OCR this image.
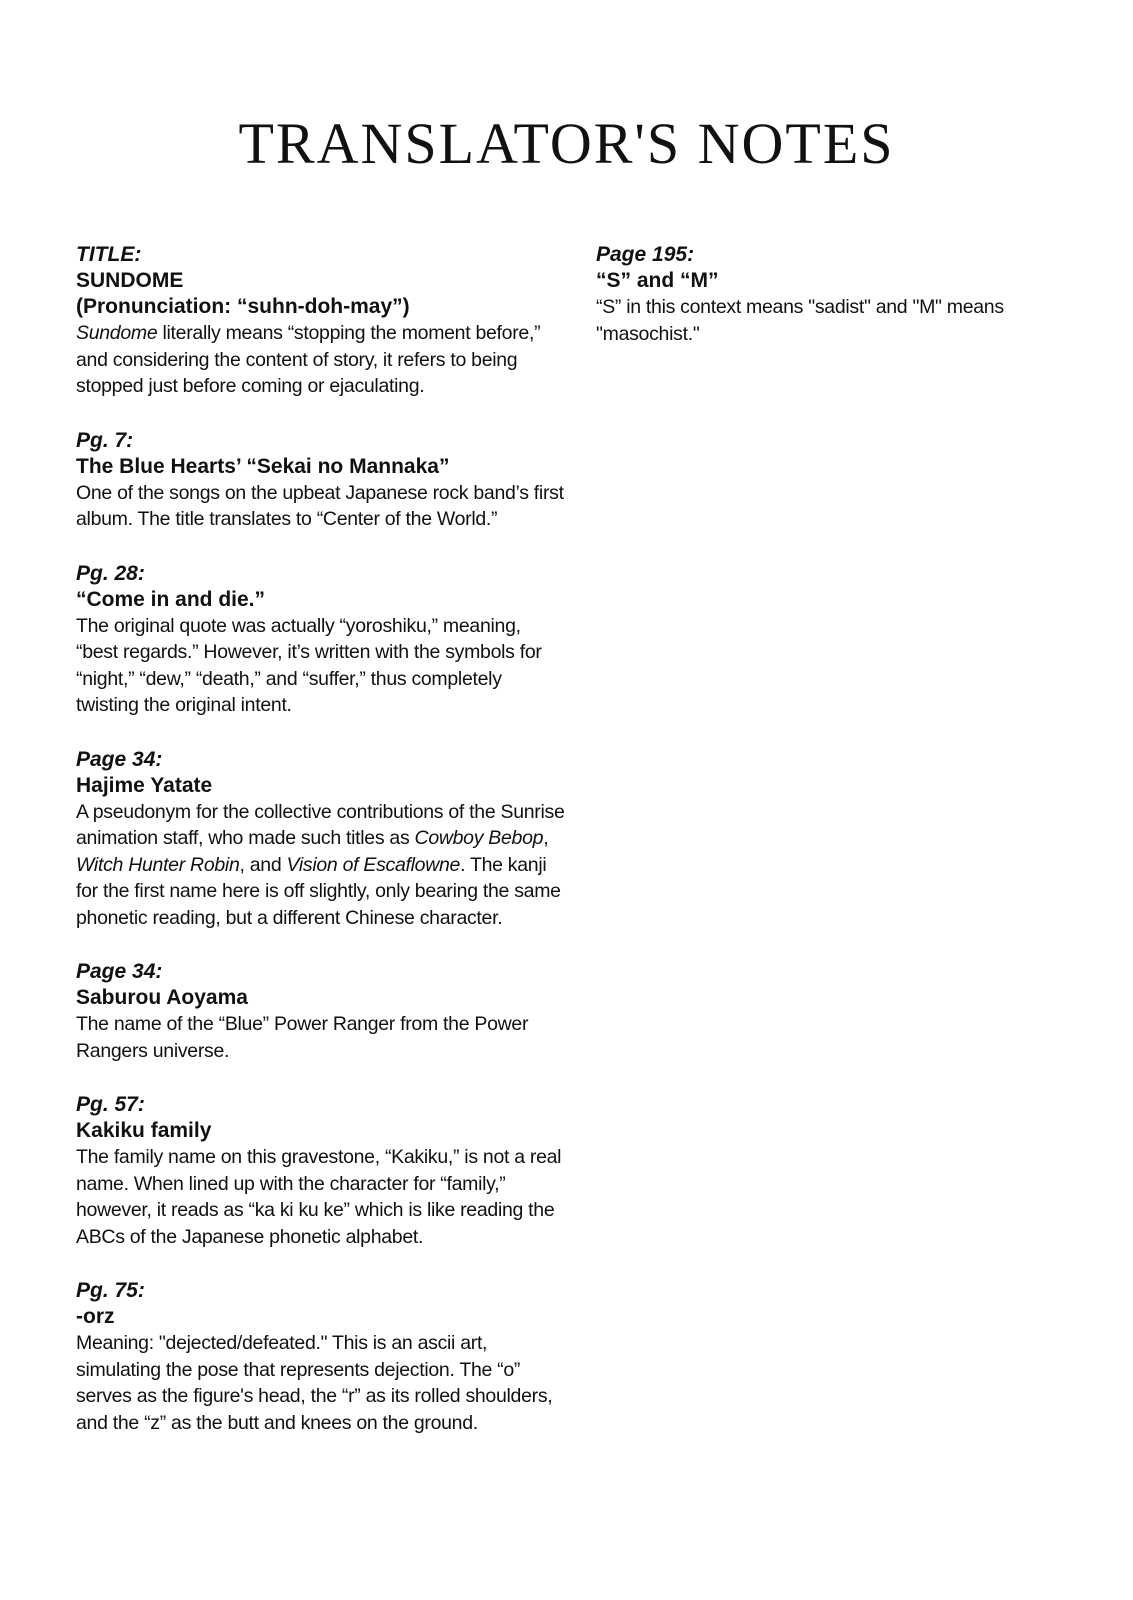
TRANSLATOR'S NOTES

TITLE:

SUNDOME

(Pronunciation: “suhn-doh-may”)

Sundome literally means “stopping the moment before,” and considering the content of story, it refers to being stopped just before coming or ejaculating.

Pg. 7:

The Blue Hearts’ “Sekai no Mannaka”

One of the songs on the upbeat Japanese rock band’s first album. The title translates to “Center of the World.”

Pg. 28:

“Come in and die.”

The original quote was actually “yoroshiku,” meaning, “best regards.” However, it’s written with the symbols for “night,” “dew,” “death,” and “suffer,” thus completely twisting the original intent.

Page 34:

Hajime Yatate

A pseudonym for the collective contributions of the Sunrise animation staff, who made such titles as Cowboy Bebop, Witch Hunter Robin, and Vision of Escaflowne. The kanji for the first name here is off slightly, only bearing the same phonetic reading, but a different Chinese character.

Page 34:

Saburou Aoyama

The name of the “Blue” Power Ranger from the Power Rangers universe.

Pg. 57:

Kakiku family

The family name on this gravestone, “Kakiku,” is not a real name. When lined up with the character for “family,” however, it reads as “ka ki ku ke” which is like reading the ABCs of the Japanese phonetic alphabet.

Pg. 75:

-orz

Meaning: "dejected/defeated." This is an ascii art, simulating the pose that represents dejection. The “o” serves as the figure's head, the “r” as its rolled shoulders, and the “z” as the butt and knees on the ground.

Page 195:

“S” and “M”

“S” in this context means "sadist" and "M" means "masochist."
